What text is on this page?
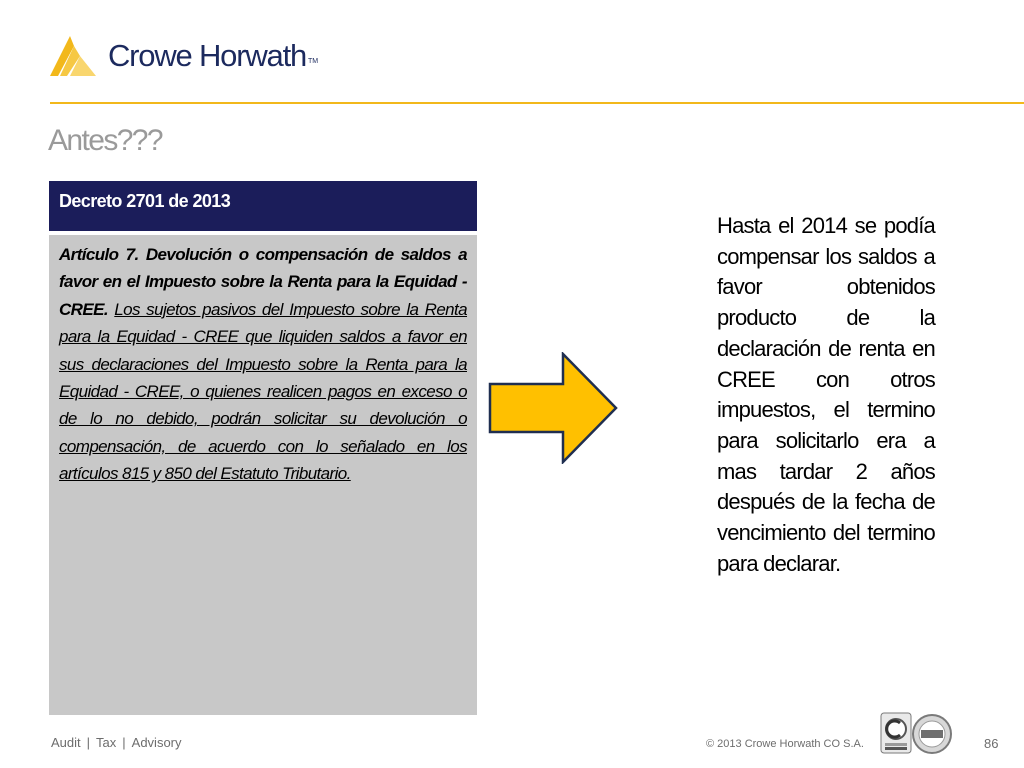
Crowe Horwath TM
Antes???
Decreto 2701 de 2013

Artículo 7. Devolución o compensación de saldos a favor en el Impuesto sobre la Renta para la Equidad - CREE. Los sujetos pasivos del Impuesto sobre la Renta para la Equidad - CREE que liquiden saldos a favor en sus declaraciones del Impuesto sobre la Renta para la Equidad - CREE, o quienes realicen pagos en exceso o de lo no debido, podrán solicitar su devolución o compensación, de acuerdo con lo señalado en los artículos 815 y 850 del Estatuto Tributario.

Hasta el 2014 se podía compensar los saldos a favor obtenidos producto de la declaración de renta en CREE con otros impuestos, el termino para solicitarlo era a mas tardar 2 años después de la fecha de vencimiento del termino para declarar.
Audit | Tax | Advisory	© 2013 Crowe Horwath CO S.A.	86
